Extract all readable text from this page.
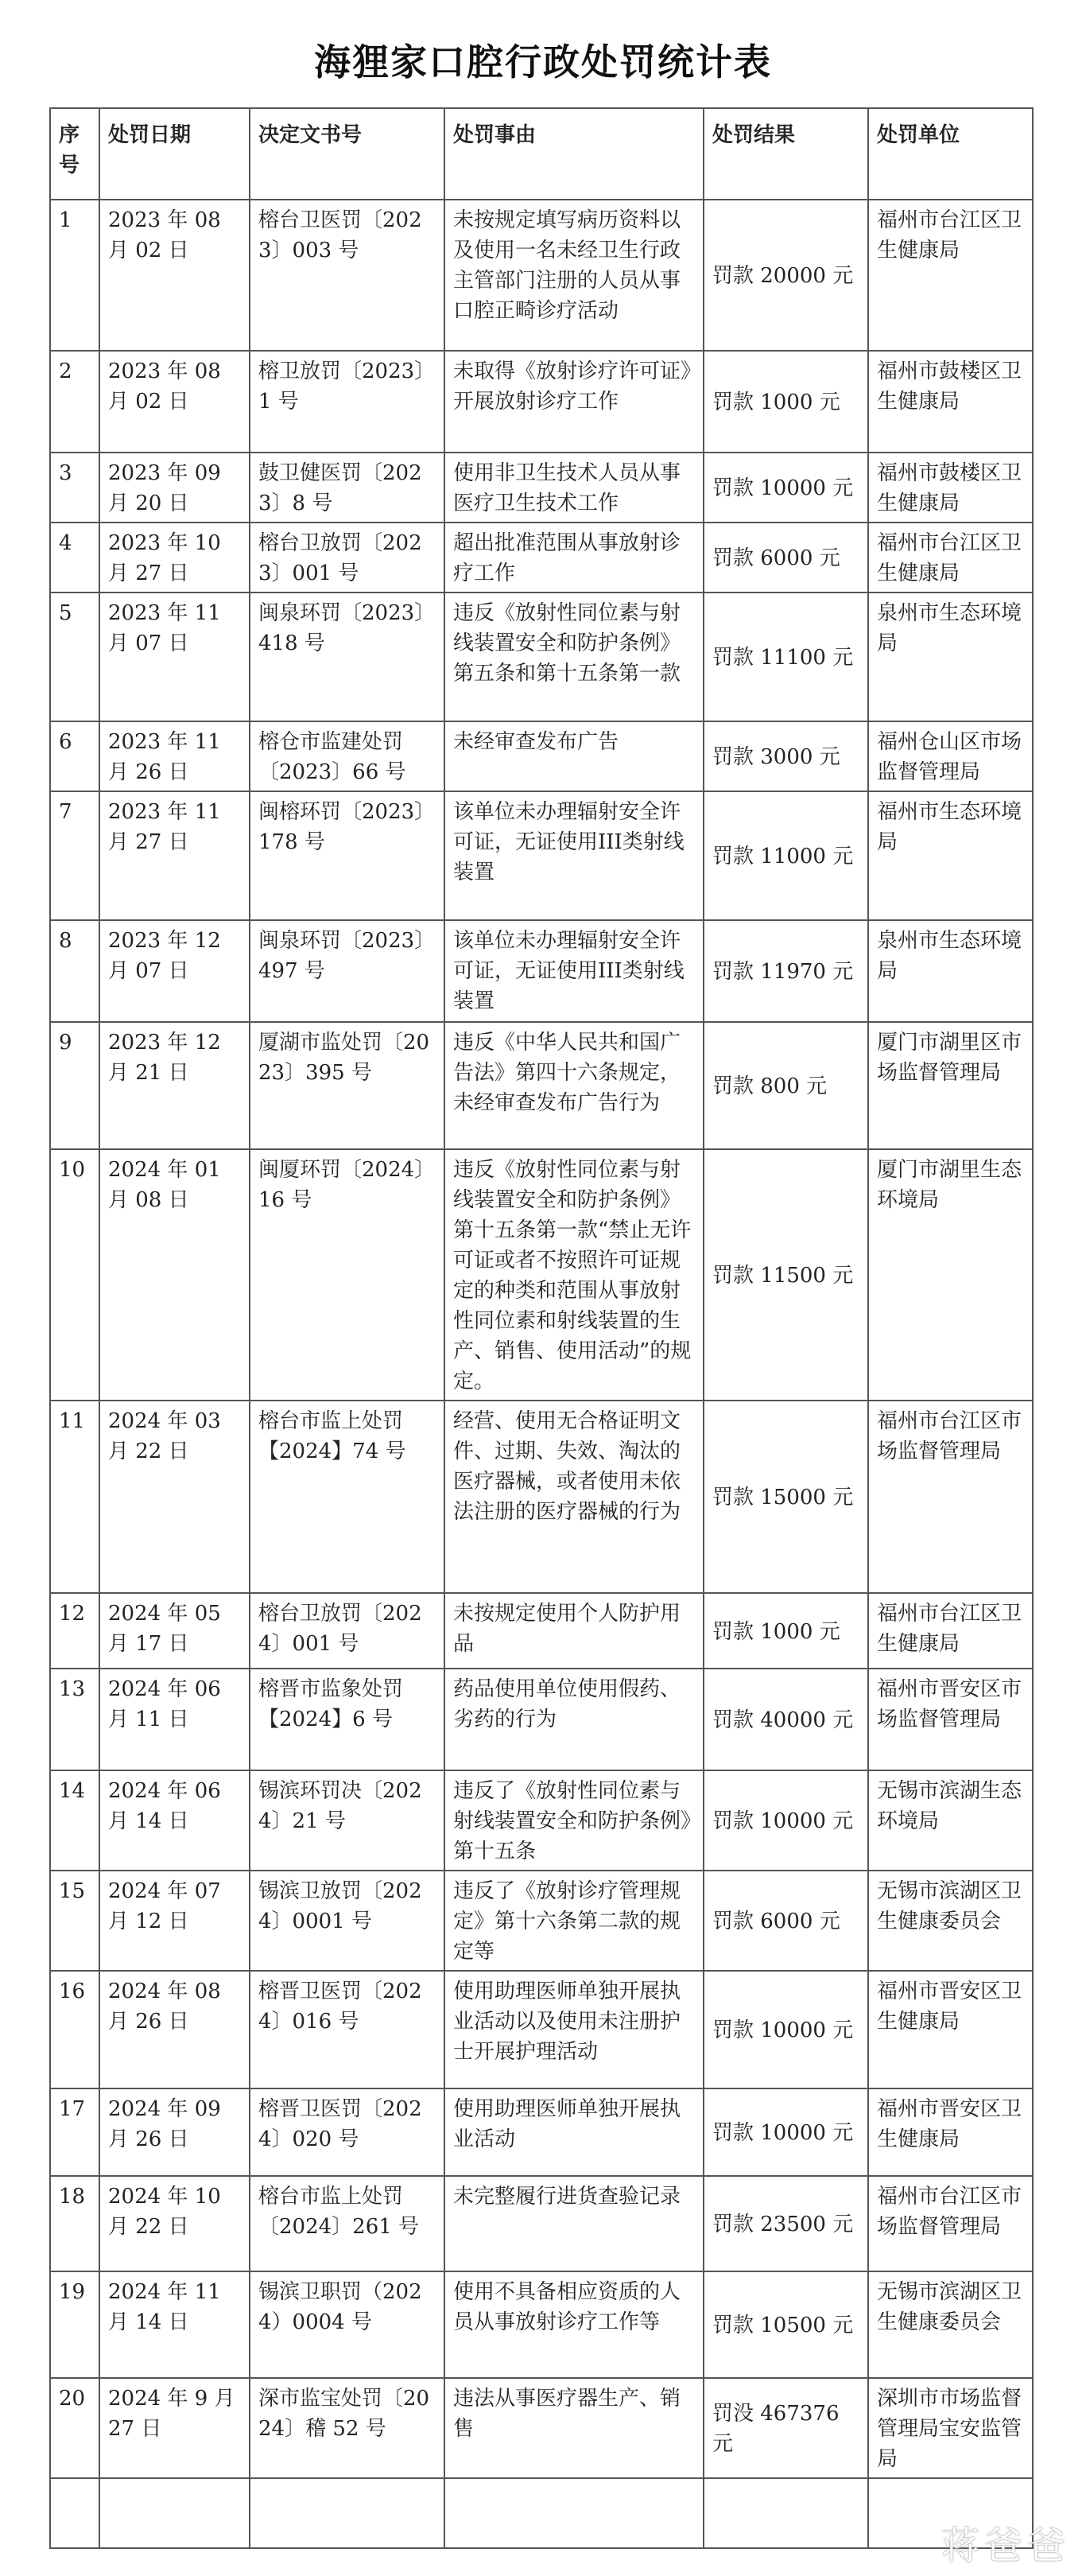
海狸家口腔行政处罚统计表
序号	处罚日期	决定文书号	处罚事由	处罚结果	处罚单位
1	2023 年 08 月 02 日	榕台卫医罚〔2023〕003 号	未按规定填写病历资料以及使用一名未经卫生行政主管部门注册的人员从事口腔正畸诊疗活动	罚款 20000 元	福州市台江区卫生健康局
2	2023 年 08 月 02 日	榕卫放罚〔2023〕1 号	未取得《放射诊疗许可证》开展放射诊疗工作	罚款 1000 元	福州市鼓楼区卫生健康局
3	2023 年 09 月 20 日	鼓卫健医罚〔2023〕8 号	使用非卫生技术人员从事医疗卫生技术工作	罚款 10000 元	福州市鼓楼区卫生健康局
4	2023 年 10 月 27 日	榕台卫放罚〔2023〕001 号	超出批准范围从事放射诊疗工作	罚款 6000 元	福州市台江区卫生健康局
5	2023 年 11 月 07 日	闽泉环罚〔2023〕418 号	违反《放射性同位素与射线装置安全和防护条例》第五条和第十五条第一款	罚款 11100 元	泉州市生态环境局
6	2023 年 11 月 26 日	榕仓市监建处罚〔2023〕66 号	未经审查发布广告	罚款 3000 元	福州仓山区市场监督管理局
7	2023 年 11 月 27 日	闽榕环罚〔2023〕178 号	该单位未办理辐射安全许可证，无证使用III类射线装置	罚款 11000 元	福州市生态环境局
8	2023 年 12 月 07 日	闽泉环罚〔2023〕497 号	该单位未办理辐射安全许可证，无证使用III类射线装置	罚款 11970 元	泉州市生态环境局
9	2023 年 12 月 21 日	厦湖市监处罚〔2023〕395 号	违反《中华人民共和国广告法》第四十六条规定，未经审查发布广告行为	罚款 800 元	厦门市湖里区市场监督管理局
10	2024 年 01 月 08 日	闽厦环罚〔2024〕16 号	违反《放射性同位素与射线装置安全和防护条例》第十五条第一款“禁止无许可证或者不按照许可证规定的种类和范围从事放射性同位素和射线装置的生产、销售、使用活动”的规定。	罚款 11500 元	厦门市湖里生态环境局
11	2024 年 03 月 22 日	榕台市监上处罚【2024】74 号	经营、使用无合格证明文件、过期、失效、淘汰的医疗器械，或者使用未依法注册的医疗器械的行为	罚款 15000 元	福州市台江区市场监督管理局
12	2024 年 05 月 17 日	榕台卫放罚〔2024〕001 号	未按规定使用个人防护用品	罚款 1000 元	福州市台江区卫生健康局
13	2024 年 06 月 11 日	榕晋市监象处罚【2024】6 号	药品使用单位使用假药、劣药的行为	罚款 40000 元	福州市晋安区市场监督管理局
14	2024 年 06 月 14 日	锡滨环罚决〔2024〕21 号	违反了《放射性同位素与射线装置安全和防护条例》第十五条	罚款 10000 元	无锡市滨湖生态环境局
15	2024 年 07 月 12 日	锡滨卫放罚〔2024〕0001 号	违反了《放射诊疗管理规定》第十六条第二款的规定等	罚款 6000 元	无锡市滨湖区卫生健康委员会
16	2024 年 08 月 26 日	榕晋卫医罚〔2024〕016 号	使用助理医师单独开展执业活动以及使用未注册护士开展护理活动	罚款 10000 元	福州市晋安区卫生健康局
17	2024 年 09 月 26 日	榕晋卫医罚〔2024〕020 号	使用助理医师单独开展执业活动	罚款 10000 元	福州市晋安区卫生健康局
18	2024 年 10 月 22 日	榕台市监上处罚〔2024〕261 号	未完整履行进货查验记录	罚款 23500 元	福州市台江区市场监督管理局
19	2024 年 11 月 14 日	锡滨卫职罚（2024）0004 号	使用不具备相应资质的人员从事放射诊疗工作等	罚款 10500 元	无锡市滨湖区卫生健康委员会
20	2024 年 9 月 27 日	深市监宝处罚〔2024〕稽 52 号	违法从事医疗器生产、销售	罚没 467376 元	深圳市市场监督管理局宝安监管局

蒋爸爸
